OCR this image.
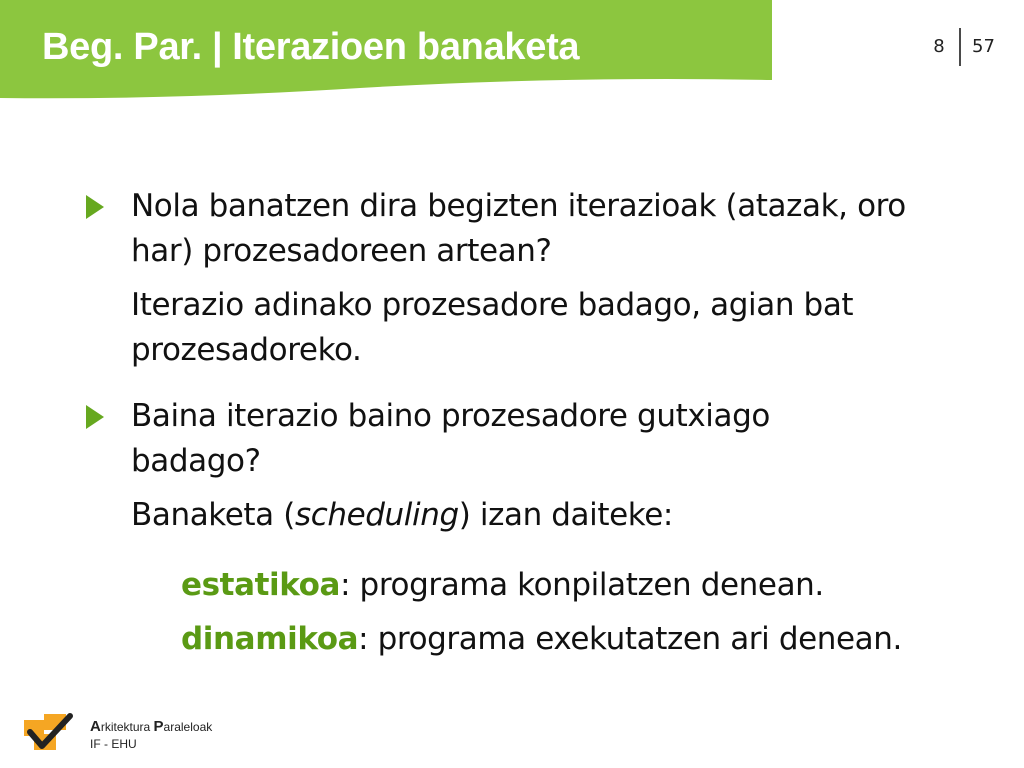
Beg. Par. | Iterazioen banaketa	8 57
Nola banatzen dira begizten iterazioak (atazak, oro
har) prozesadoreen artean?
Iterazio adinako prozesadore badago, agian bat
prozesadoreko.
Baina iterazio baino prozesadore gutxiago
badago?
Banaketa (scheduling) izan daiteke:
estatikoa: programa konpilatzen denean.
dinamikoa: programa exekutatzen ari denean.
Arkitektura Paraleloak
IF - EHU
